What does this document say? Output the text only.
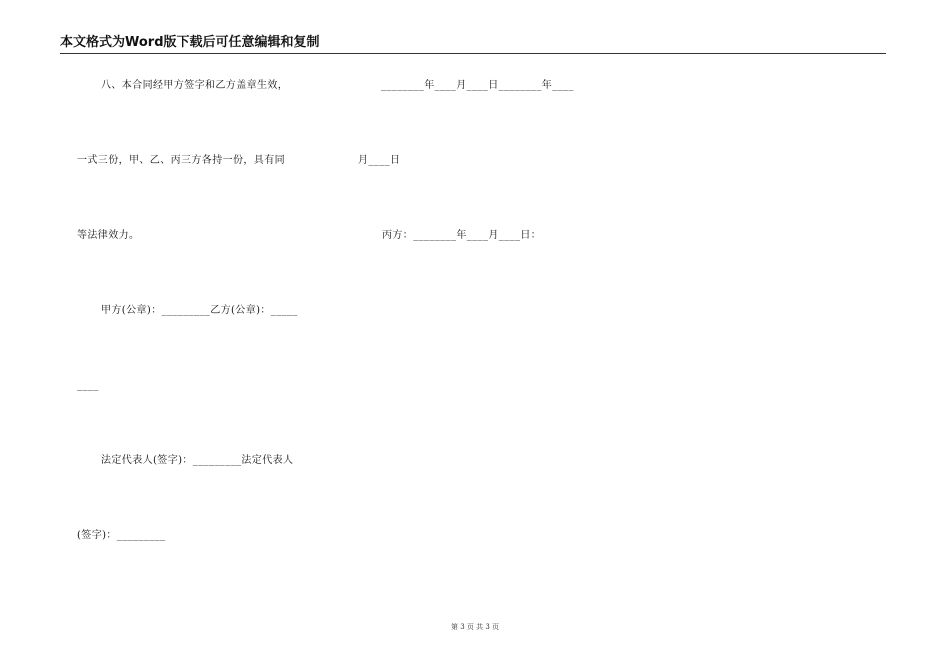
本文格式为Word版下载后可任意编辑和复制
八、本合同经甲方签字和乙方盖章生效，	________年____月____日________年____
一式三份，甲、乙、丙三方各持一份，具有同	月____日
等法律效力。	丙方：________年____月____日：
甲方(公章)：_________乙方(公章)：_____
____
法定代表人(签字)：_________法定代表人
(签字)：_________
第 3 页 共 3 页
